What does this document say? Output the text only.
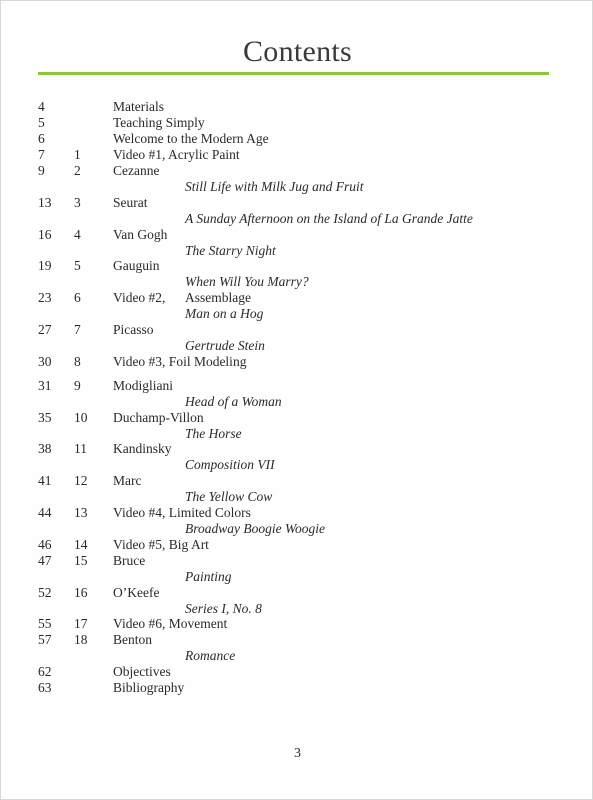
Contents
4	Materials
5	Teaching Simply
6	Welcome to the Modern Age
7 1 Video #1, Acrylic Paint
9 2 Cezanne
Still Life with Milk Jug and Fruit
13 3 Seurat
A Sunday Afternoon on the Island of La Grande Jatte
16 4 Van Gogh
The Starry Night
19 5 Gauguin
When Will You Marry?
23 6 Video #2, Assemblage
Man on a Hog
27 7 Picasso
Gertrude Stein
30 8 Video #3, Foil Modeling
31 9 Modigliani
Head of a Woman
35 10 Duchamp-Villon
The Horse
38 11 Kandinsky
Composition VII
41 12 Marc
The Yellow Cow
44 13 Video #4, Limited Colors
Broadway Boogie Woogie
46 14 Video #5, Big Art
47 15 Bruce
Painting
52 16 O’Keefe
Series I, No. 8
55 17 Video #6, Movement
57 18 Benton
Romance
62	Objectives
63	Bibliography
3
